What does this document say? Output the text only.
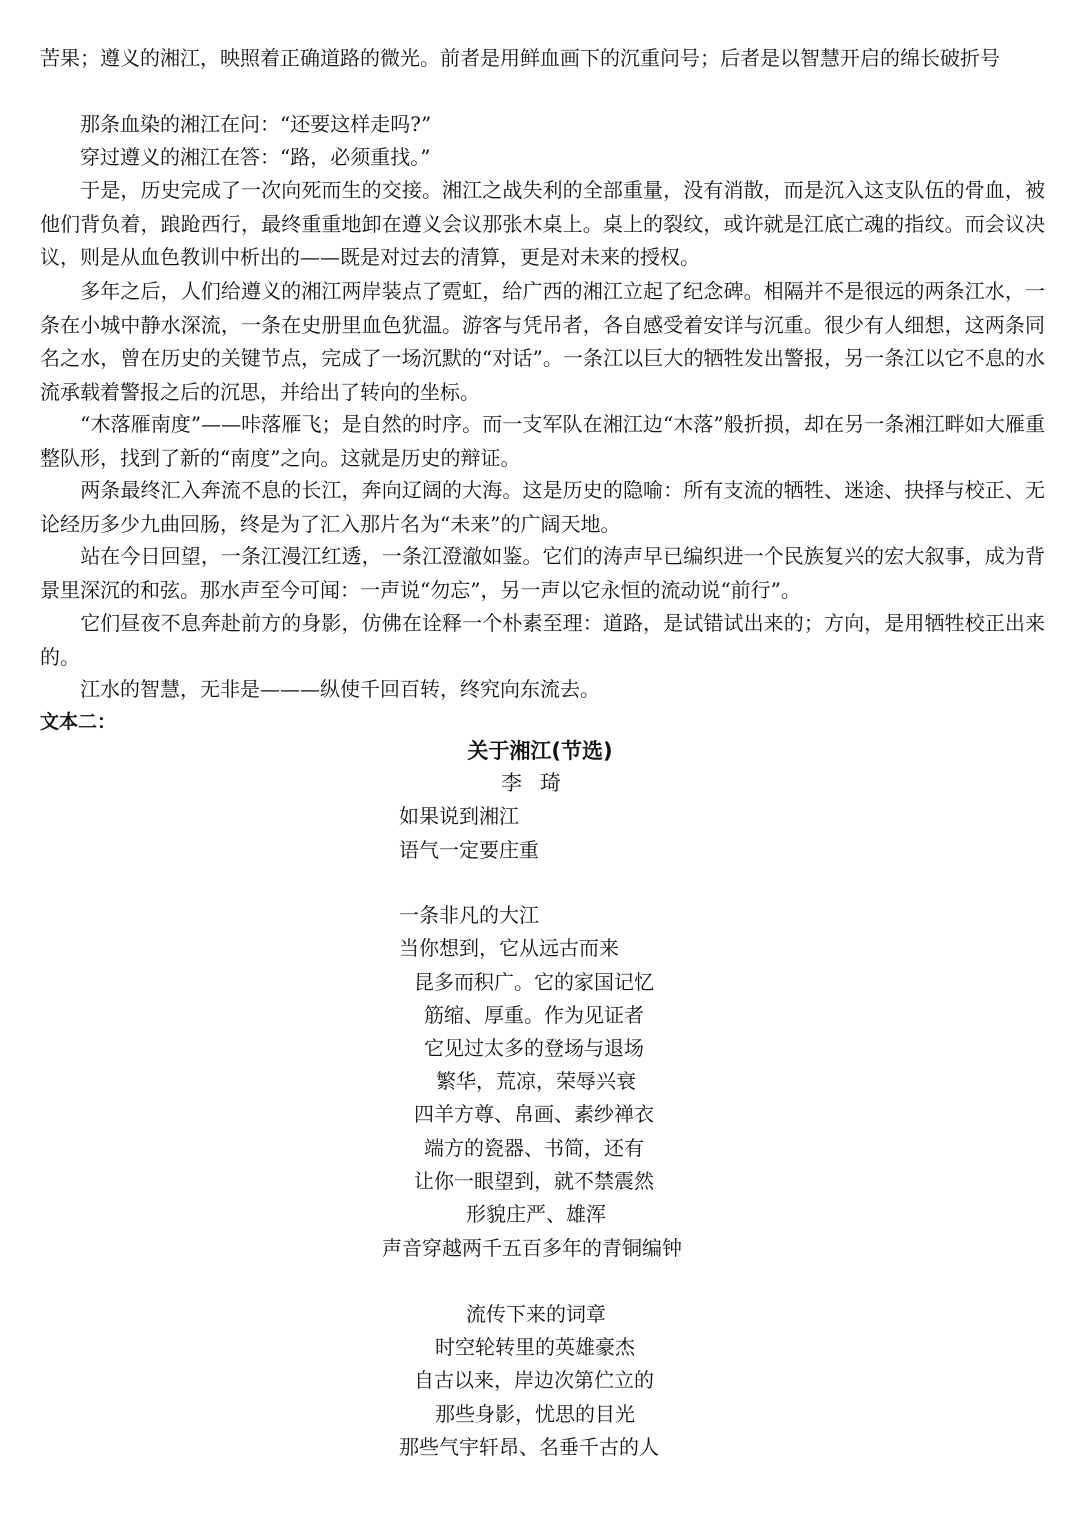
苦果；遵义的湘江，映照着正确道路的微光。前者是用鲜血画下的沉重问号；后者是以智慧开启的绵长破折号

　　那条血染的湘江在问：“还要这样走吗?”

　　穿过遵义的湘江在答：“路，必须重找。”

　　于是，历史完成了一次向死而生的交接。湘江之战失利的全部重量，没有消散，而是沉入这支队伍的骨血，被他们背负着，踉跄西行，最终重重地卸在遵义会议那张木桌上。桌上的裂纹，或许就是江底亡魂的指纹。而会议决议，则是从血色教训中析出的——既是对过去的清算，更是对未来的授权。

　　多年之后，人们给遵义的湘江两岸装点了霓虹，给广西的湘江立起了纪念碑。相隔并不是很远的两条江水，一条在小城中静水深流，一条在史册里血色犹温。游客与凭吊者，各自感受着安详与沉重。很少有人细想，这两条同名之水，曾在历史的关键节点，完成了一场沉默的“对话”。一条江以巨大的牺牲发出警报，另一条江以它不息的水流承载着警报之后的沉思，并给出了转向的坐标。

　　“木落雁南度”——咔落雁飞；是自然的时序。而一支军队在湘江边“木落”般折损，却在另一条湘江畔如大雁重整队形，找到了新的“南度”之向。这就是历史的辩证。

　　两条最终汇入奔流不息的长江，奔向辽阔的大海。这是历史的隐喻：所有支流的牺牲、迷途、抉择与校正、无论经历多少九曲回肠，终是为了汇入那片名为“未来”的广阔天地。

　　站在今日回望，一条江漫江红透，一条江澄澈如鉴。它们的涛声早已编织进一个民族复兴的宏大叙事，成为背景里深沉的和弦。那水声至今可闻：一声说“勿忘”，另一声以它永恒的流动说“前行”。

　　它们昼夜不息奔赴前方的身影，仿佛在诠释一个朴素至理：道路，是试错试出来的；方向，是用牺牲校正出来的。

　　江水的智慧，无非是———纵使千回百转，终究向东流去。

文本二：

关于湘江(节选)

李琦

如果说到湘江

语气一定要庄重

一条非凡的大江

当你想到，它从远古而来

昆多而积广。它的家国记忆

筋缩、厚重。作为见证者

它见过太多的登场与退场

繁华，荒凉，荣辱兴衰

四羊方尊、帛画、素纱禅衣

端方的瓷器、书简，还有

让你一眼望到，就不禁震然

形貌庄严、雄浑

声音穿越两千五百多年的青铜编钟

流传下来的词章

时空轮转里的英雄豪杰

自古以来，岸边次第伫立的

那些身影，忧思的目光

那些气宇轩昂、名垂千古的人
